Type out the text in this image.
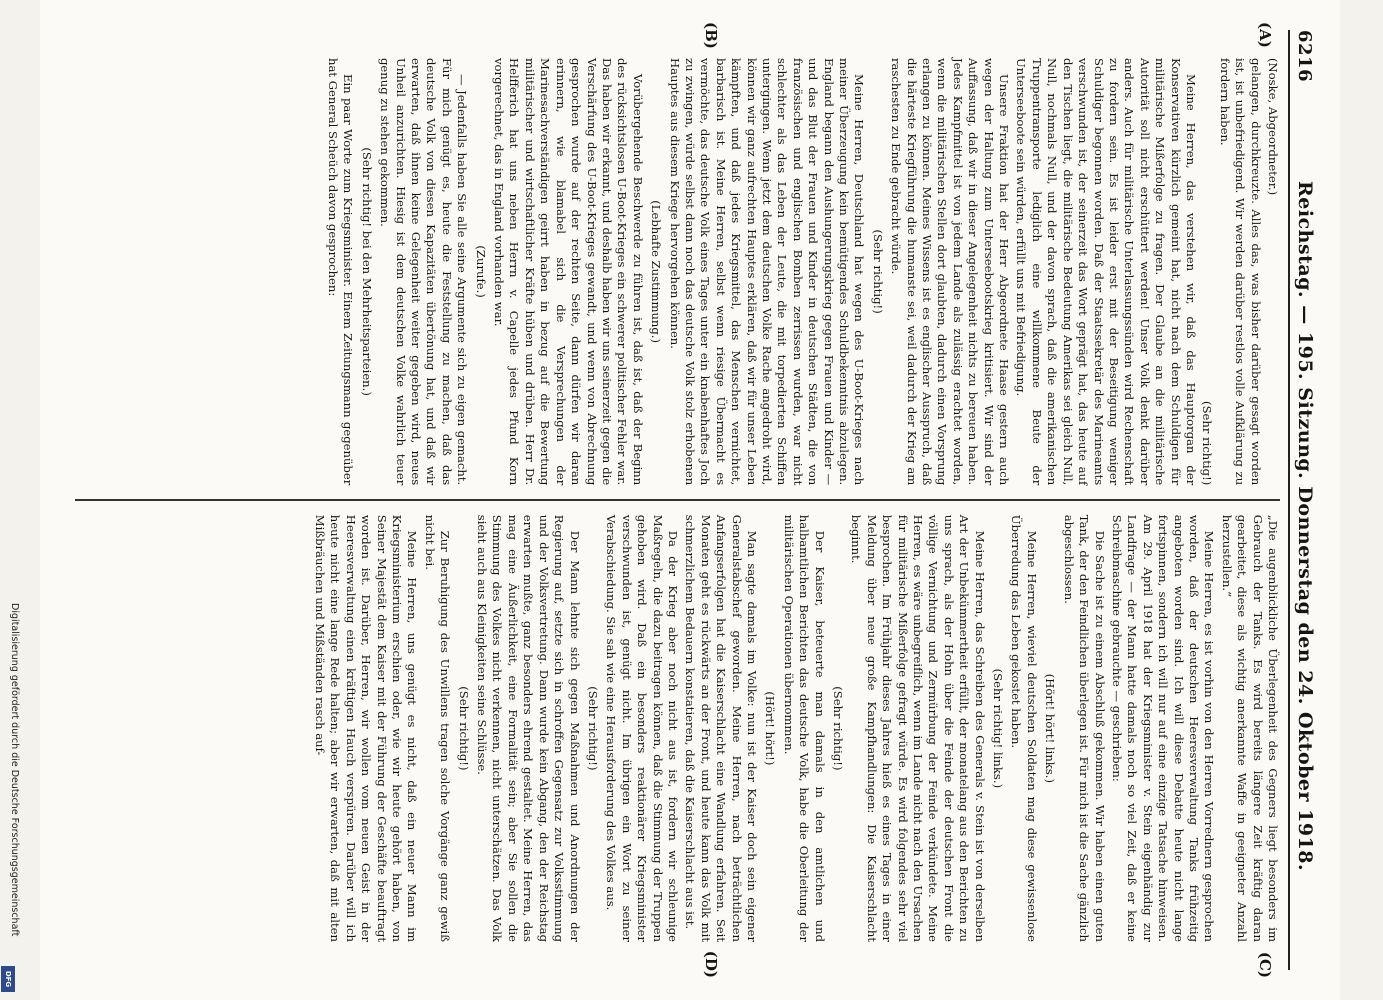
6216
Reichstag. — 195. Sitzung. Donnerstag den 24. Oktober 1918.
(A)
(B)
(C)
(D)

(Noske, Abgeordneter.)

gelangen, durchkreuzte. Alles das, was bisher darüber gesagt worden ist, ist unbefriedigend. Wir werden darüber restlos volle Aufklärung zu fordern haben.

(Sehr richtig!)

Meine Herren, das verstehen wir, daß das Hauptorgan der Konservativen kürzlich gemeint hat, nicht nach dem Schuldigen für militärische Mißerfolge zu fragen. Der Glaube an die militärische Autorität soll nicht erschüttert werden! Unser Volk denkt darüber anders. Auch für militärische Unterlassungssünden wird Rechenschaft zu fordern sein. Es ist leider erst mit der Beseitigung weniger Schuldiger begonnen worden. Daß der Staatssekretär des Marineamts verschwunden ist, der seinerzeit das Wort geprägt hat, das heute auf den Tischen liegt, die militärische Bedeutung Amerikas sei gleich Null, Null, nochmals Null, und der davon sprach, daß die amerikanischen Truppentransporte lediglich eine willkommene Beute der Unterseeboote sein würden, erfüllt uns mit Befriedigung.

Unsere Fraktion hat der Herr Abgeordnete Haase gestern auch wegen der Haltung zum Unterseebootskrieg kritisiert. Wir sind der Auffassung, daß wir in dieser Angelegenheit nichts zu bereuen haben. Jedes Kampfmittel ist von jedem Lande als zulässig erachtet worden, wenn die militärischen Stellen dort glaubten, dadurch einen Vorsprung erlangen zu können. Meines Wissens ist es englischer Ausspruch, daß die härteste Kriegführung die humanste sei, weil dadurch der Krieg am raschesten zu Ende gebracht würde.

(Sehr richtig!)

Meine Herren, Deutschland hat wegen des U-Boot-Krieges nach meiner Überzeugung kein bemütigendes Schuldbekenntnis abzulegen. England begann den Aushungerungskrieg gegen Frauen und Kinder — und das Blut der Frauen und Kinder in deutschen Städten, die von französischen und englischen Bomben zerrissen wurden, war nicht schlechter als das Leben der Leute, die mit torpedierten Schiffen untergingen. Wenn jetzt dem deutschen Volke Rache angedroht wird, können wir ganz aufrechten Hauptes erklären, daß wir für unser Leben kämpften, und daß jedes Kriegsmittel, das Menschen vernichtet, barbarisch ist. Meine Herren, selbst wenn riesige Übermacht es vermöchte, das deutsche Volk eines Tages unter ein knabenhaftes Joch zu zwingen, würde selbst dann noch das deutsche Volk stolz erhobenen Hauptes aus diesem Kriege hervorgehen können.

(Lebhafte Zustimmung.)

Vorübergehende Beschwerde zu führen ist, daß ist, daß der Beginn des rücksichtslosen U-Boot-Krieges ein schwerer politischer Fehler war. Das haben wir erkannt, und deshalb haben wir uns seinerzeit gegen die Verschärfung des U-Boot-Krieges gewandt, und wenn von Abrechnung gesprochen wurde auf der rechten Seite, dann dürfen wir daran erinnern, wie blamabel sich die Versprechungen der Marinesachverständigen geirrt haben in bezug auf die Bewertung militärischer und wirtschaftlicher Kräfte hüben und drüben. Herr Dr. Helfferich hat uns neben Herrn v. Capelle jedes Pfund Korn vorgerechnet, das in England vorhanden war.

(Zurufe.)

— Jedenfalls haben Sie alle seine Argumente sich zu eigen gemacht. Für mich genügt es, heute die Feststellung zu machen, daß das deutsche Volk von diesen Kapazitäten übertönung hat, und daß wir erwarten, daß ihnen keine Gelegenheit weiter gegeben wird, neues Unheil anzurichten. Hiesig ist dem deutschen Volke wahrlich teuer genug zu stehen gekommen.

(Sehr richtig! bei den Mehrheitsparteien.)

Ein paar Worte zum Kriegsminister. Einem Zeitungsmann gegenüber hat General Scheüch davon gesprochen:

„Die augenblickliche Überlegenheit des Gegners liegt besonders im Gebrauch der Tanks. Es wird bereits längere Zeit kräftig daran gearbeitet, diese als wichtig anerkannte Waffe in geeigneter Anzahl herzustellen.“

Meine Herren, es ist vorhin von den Herren Vorrednern gesprochen worden, daß der deutschen Heeresverwaltung Tanks frühzeitig angeboten worden sind. Ich will diese Debatte heute nicht lange fortspinnen, sondern ich will nur auf eine einzige Tatsache hinweisen. Am 29. April 1918 hat der Kriegsminister v. Stein eigenhändig zur Landfrage — der Mann hatte damals noch so viel Zeit, daß er keine Schreibmaschine gebrauchte — geschrieben:

Die Sache ist zu einem Abschluß gekommen. Wir haben einen guten Tank, der den Feindlichen überlegen ist. Für mich ist die Sache gänzlich abgeschlossen.

(Hört! hört! links.)

Meine Herren, wieviel deutschen Soldaten mag diese gewissenlose Überredung das Leben gekostet haben.

(Sehr richtig! links.)

Meine Herren, das Schreiben des Generals v. Stein ist von derselben Art der Unbekümmertheit erfüllt, der monatelang aus den Berichten zu uns sprach, als der Hohn über die Feinde der deutschen Front die völlige Vernichtung und Zermürbung der Feinde verkündete. Meine Herren, es wäre unbegreiflich, wenn im Lande nicht nach den Ursachen für militärische Mißerfolge gefragt würde. Es wird folgendes sehr viel besprochen. Im Frühjahr dieses Jahres hieß es eines Tages in einer Meldung über neue große Kampfhandlungen: Die Kaiserschlacht beginnt.

(Sehr richtig!)

Der Kaiser, beteuerte man damals in den amtlichen und halbamtlichen Berichten das deutsche Volk, habe die Oberleitung der militärischen Operationen übernommen.

(Hört! hört!)

Man sagte damals im Volke: nun ist der Kaiser doch sein eigener Generalstabschef geworden. Meine Herren, nach beträchtlichen Anfangserfolgen hat die Kaiserschlacht eine Wandlung erfahren. Seit Monaten geht es rückwärts an der Front, und heute kann das Volk mit schmerzlichem Bedauern konstatieren, daß die Kaiserschlacht aus ist.

Da der Krieg aber noch nicht aus ist, fordern wir schleunige Maßregeln, die dazu beitragen können, daß die Stimmung der Truppen gehoben wird. Daß ein besonders reaktionärer Kriegsminister verschwunden ist, genügt nicht. Im übrigen ein Wort zu seiner Verabschiedung. Sie sah wie eine Herausforderung des Volkes aus.

(Sehr richtig!)

Der Mann lehnte sich gegen Maßnahmen und Anordnungen der Regierung auf, setzte sich in schroffen Gegensatz zur Volksstimmung und der Volksvertretung. Dann wurde kein Abgang, den der Reichstag erwarten mußte, ganz besonders ehrend gestaltet. Meine Herren, das mag eine Äußerlichkeit, eine Formalität sein; aber Sie sollen die Stimmung des Volkes nicht verkennen, nicht unterschätzen. Das Volk sieht auch aus Kleinigkeiten seine Schlüsse.

(Sehr richtig!)

Zur Beruhigung des Unwillens tragen solche Vorgänge ganz gewiß nicht bei.

Meine Herren, uns genügt es nicht, daß ein neuer Mann im Kriegsministerium erschien oder, wie wir heute gehört haben, von Seiner Majestät dem Kaiser mit der Führung der Geschäfte beauftragt worden ist. Darüber, Herren, wir wollen vom neuen Geist in der Heeresverwaltung einen kräftigen Hauch verspüren. Darüber will ich heute nicht eine lange Rede halten; aber wir erwarten, daß mit alten Mißbräuchen und Mißständen rasch auf-

Digitalisierung gefördert durch die Deutsche Forschungsgemeinschaft
DFG
